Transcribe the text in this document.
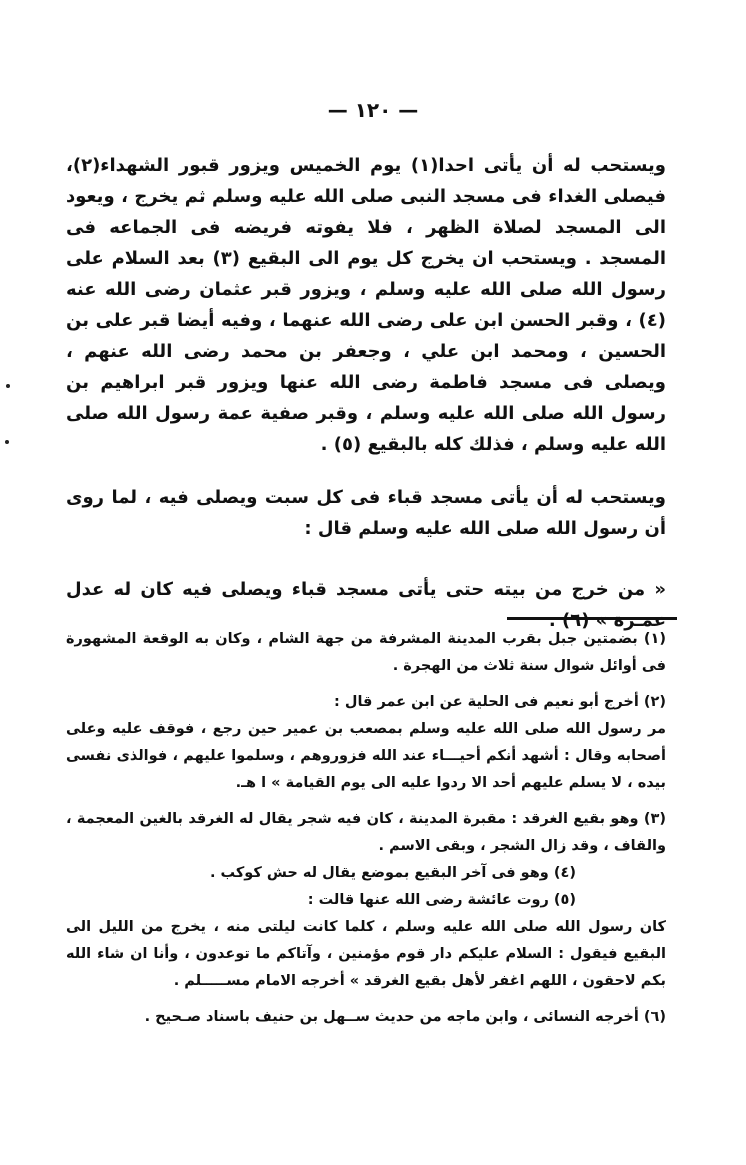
— ١٢٠ —

ويستحب له أن يأتى احدا(١) يوم الخميس ويزور قبور الشهداء(٢)، فيصلى الغداء فى مسجد النبى صلى الله عليه وسلم ثم يخرج ، ويعود الى المسجد لصلاة الظهر ، فلا يفوته فريضه فى الجماعه فى المسجد . ويستحب ان يخرج كل يوم الى البقيع (٣) بعد السلام على رسول الله صلى الله عليه وسلم ، ويزور قبر عثمان رضى الله عنه (٤) ، وقبر الحسن ابن على رضى الله عنهما ، وفيه أيضا قبر على بن الحسين ، ومحمد ابن علي ، وجعفر بن محمد رضى الله عنهم ، ويصلى فى مسجد فاطمة رضى الله عنها ويزور قبر ابراهيم بن رسول الله صلى الله عليه وسلم ، وقبر صفية عمة رسول الله صلى الله عليه وسلم ، فذلك كله بالبقيع (٥) .

ويستحب له أن يأتى مسجد قباء فى كل سبت ويصلى فيه ، لما روى أن رسول الله صلى الله عليه وسلم قال :

« من خرج من بيته حتى يأتى مسجد قباء ويصلى فيه كان له عدل عمـرة » (٦) .

(١) بضمتين جبل بقرب المدينة المشرفة من جهة الشام ، وكان به الوقعة المشهورة فى أوائل شوال سنة ثلاث من الهجرة .

(٢) أخرج أبو نعيم فى الحلية عن ابن عمر قال :

مر رسول الله صلى الله عليه وسلم بمصعب بن عمير حين رجع ، فوقف عليه وعلى أصحابه وقال : أشهد أنكم أحيـــاء عند الله فزوروهم ، وسلموا عليهم ، فوالذى نفسى بيده ، لا يسلم عليهم أحد الا ردوا عليه الى يوم القيامة » ا هـ.

(٣) وهو بقيع الغرقد : مقبرة المدينة ، كان فيه شجر يقال له الغرقد بالغين المعجمة ، والقاف ، وقد زال الشجر ، وبقى الاسم .

(٤) وهو فى آخر البقيع بموضع يقال له حش كوكب .

(٥) روت عائشة رضى الله عنها قالت :

كان رسول الله صلى الله عليه وسلم ، كلما كانت ليلتى منه ، يخرج من الليل الى البقيع فيقول : السلام عليكم دار قوم مؤمنين ، وآتاكم ما توعدون ، وأنا ان شاء الله بكم لاحقون ، اللهم اغفر لأهل بقيع الغرقد » أخرجه الامام مســـــلم .

(٦) أخرجه النسائى ، وابن ماجه من حديث ســهل بن حنيف باسناد صـحيح .
